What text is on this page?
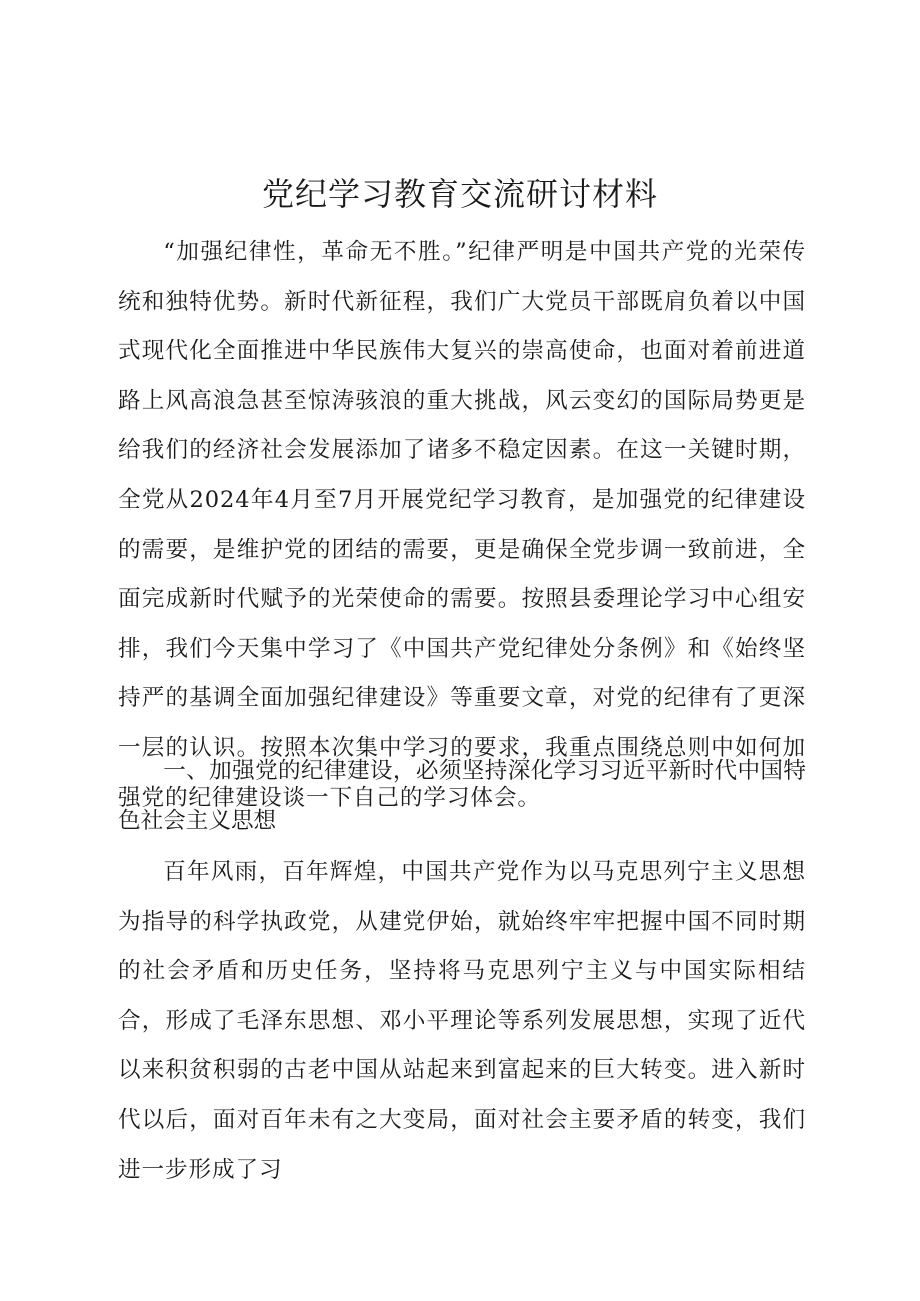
党纪学习教育交流研讨材料

“加强纪律性，革命无不胜。”纪律严明是中国共产党的光荣传统和独特优势。新时代新征程，我们广大党员干部既肩负着以中国式现代化全面推进中华民族伟大复兴的崇高使命，也面对着前进道路上风高浪急甚至惊涛骇浪的重大挑战，风云变幻的国际局势更是给我们的经济社会发展添加了诸多不稳定因素。在这一关键时期，全党从2024年4月至7月开展党纪学习教育，是加强党的纪律建设的需要，是维护党的团结的需要，更是确保全党步调一致前进，全面完成新时代赋予的光荣使命的需要。按照县委理论学习中心组安排，我们今天集中学习了《中国共产党纪律处分条例》和《始终坚持严的基调全面加强纪律建设》等重要文章，对党的纪律有了更深一层的认识。按照本次集中学习的要求，我重点围绕总则中如何加强党的纪律建设谈一下自己的学习体会。

一、加强党的纪律建设，必须坚持深化学习习近平新时代中国特色社会主义思想

百年风雨，百年辉煌，中国共产党作为以马克思列宁主义思想为指导的科学执政党，从建党伊始，就始终牢牢把握中国不同时期的社会矛盾和历史任务，坚持将马克思列宁主义与中国实际相结合，形成了毛泽东思想、邓小平理论等系列发展思想，实现了近代以来积贫积弱的古老中国从站起来到富起来的巨大转变。进入新时代以后，面对百年未有之大变局，面对社会主要矛盾的转变，我们进一步形成了习
